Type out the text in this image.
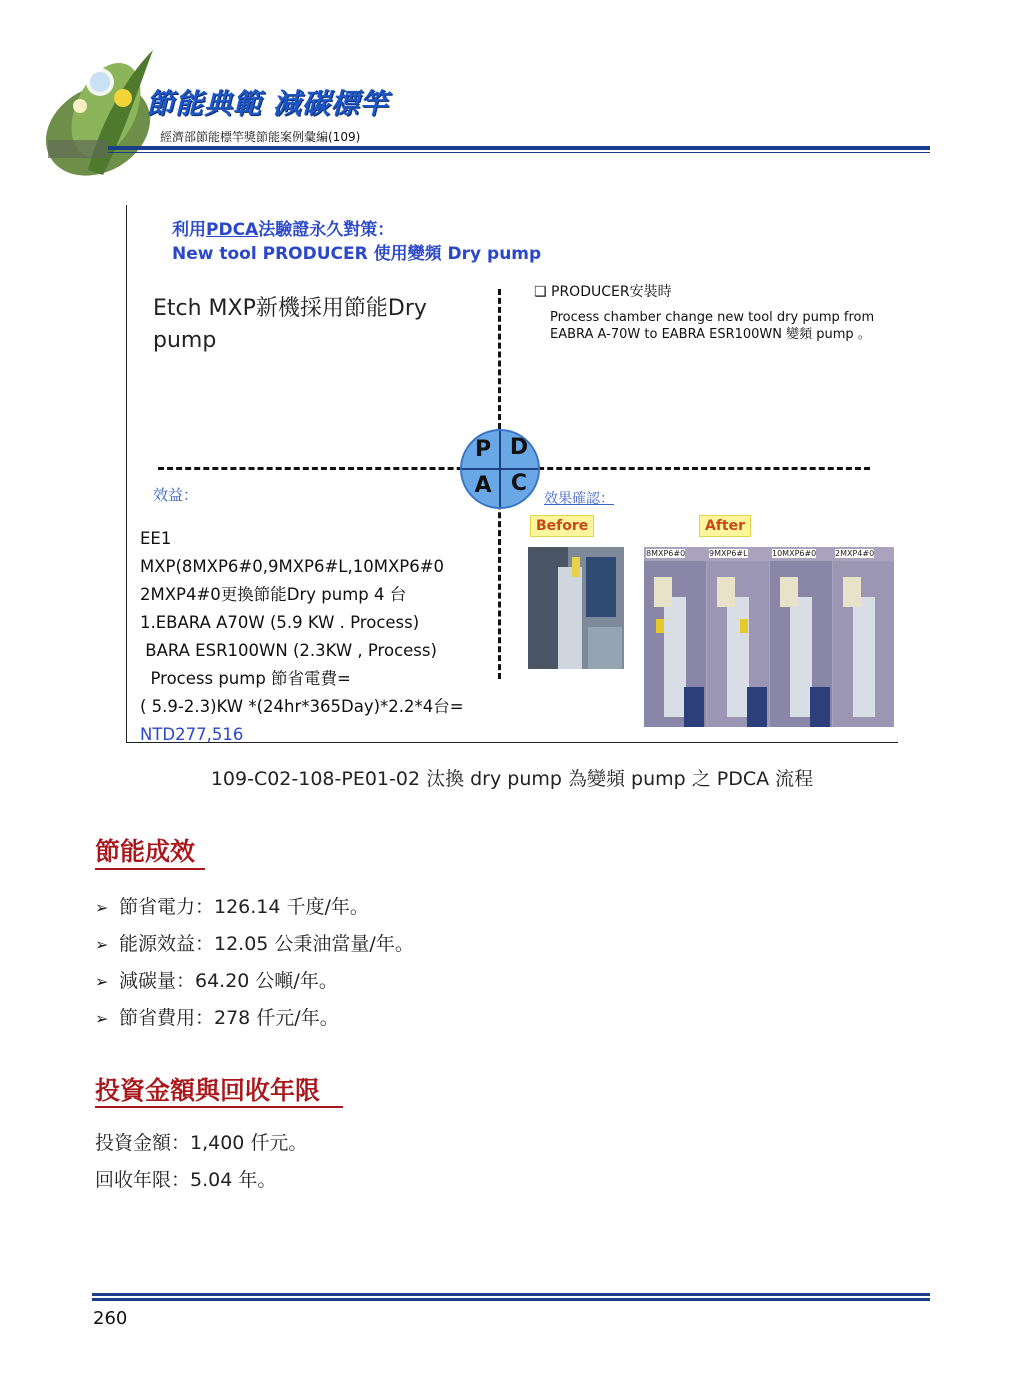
節能典範 減碳標竿
經濟部節能標竿獎節能案例彙編(109)
利用PDCA法驗證永久對策：
New tool PRODUCER 使用變頻 Dry pump
Etch MXP新機採用節能Dry pump
❑ PRODUCER安裝時
Process chamber change new tool dry pump from EABRA A-70W to EABRA ESR100WN 變頻 pump 。
P D
A C
效益：	效果確認：
EE1
MXP(8MXP6#0,9MXP6#L,10MXP6#0
2MXP4#0更換節能Dry pump 4 台
1.EBARA A70W (5.9 KW . Process)
BARA ESR100WN (2.3KW , Process)
Process pump 節省電費=
( 5.9-2.3)KW *(24hr*365Day)*2.2*4台=
NTD277,516
Before	After
8MXP6#0	9MXP6#L	10MXP6#0 2MXP4#0
109-C02-108-PE01-02 汰換 dry pump 為變頻 pump 之 PDCA 流程
節能成效
➢ 節省電力：126.14 千度/年。
➢ 能源效益：12.05 公秉油當量/年。
➢ 減碳量：64.20 公噸/年。
➢ 節省費用：278 仟元/年。
投資金額與回收年限
投資金額：1,400 仟元。
回收年限：5.04 年。
260
